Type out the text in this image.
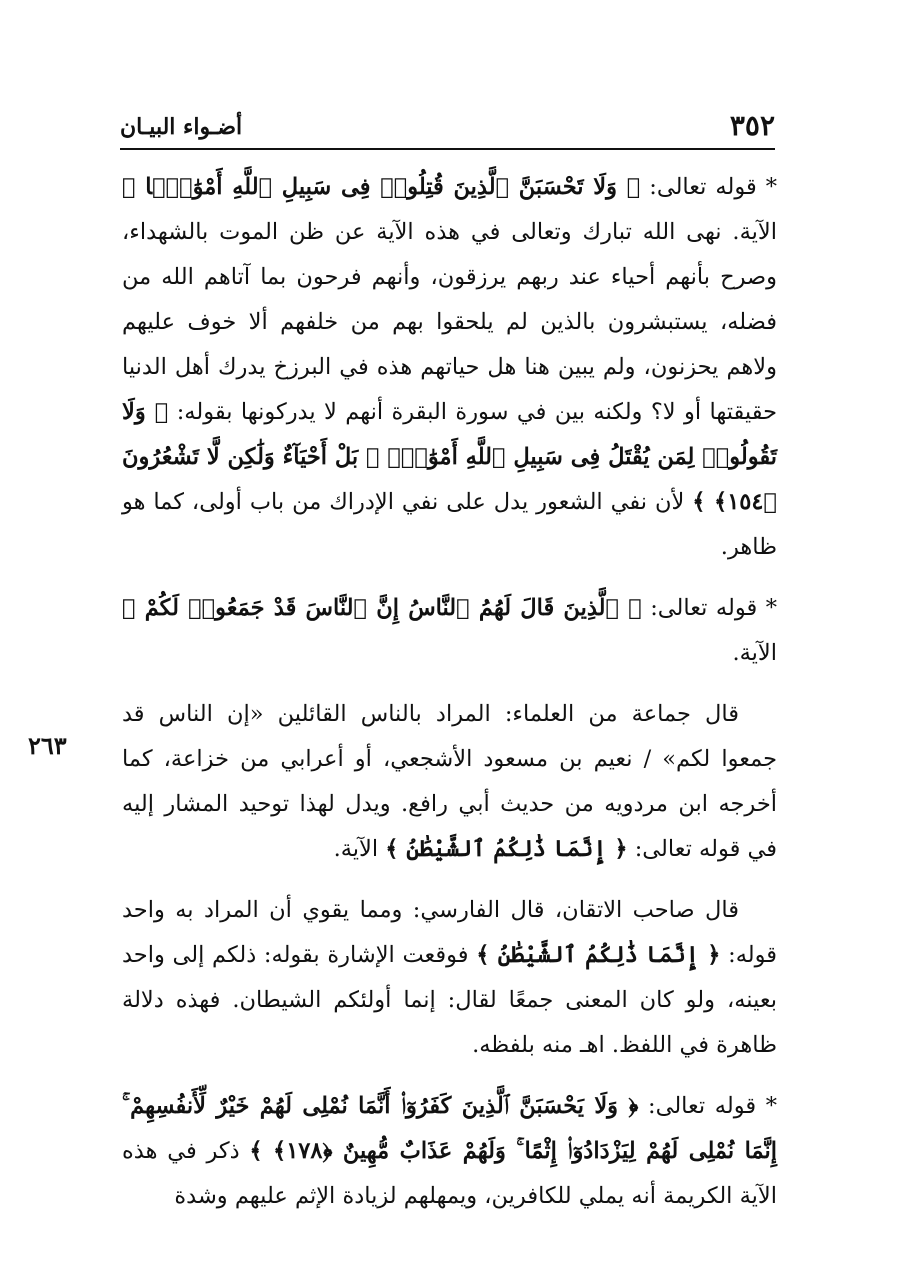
أضـواء البيـان	٣٥٢
٢٦٣

* قوله تعالى: ﴿ وَلَا تَحْسَبَنَّ ٱلَّذِينَ قُتِلُوا۟ فِى سَبِيلِ ٱللَّهِ أَمْوَٰتًۢا ﴾ الآية. نهى الله تبارك وتعالى في هذه الآية عن ظن الموت بالشهداء، وصرح بأنهم أحياء عند ربهم يرزقون، وأنهم فرحون بما آتاهم الله من فضله، يستبشرون بالذين لم يلحقوا بهم من خلفهم ألا خوف عليهم ولاهم يحزنون، ولم يبين هنا هل حياتهم هذه في البرزخ يدرك أهل الدنيا حقيقتها أو لا؟ ولكنه بين في سورة البقرة أنهم لا يدركونها بقوله: ﴿ وَلَا تَقُولُوا۟ لِمَن يُقْتَلُ فِى سَبِيلِ ٱللَّهِ أَمْوَٰتٌۢ ۚ بَلْ أَحْيَآءٌ وَلَٰكِن لَّا تَشْعُرُونَ ﴿١٥٤﴾ ﴾ لأن نفي الشعور يدل على نفي الإدراك من باب أولى، كما هو ظاهر.

* قوله تعالى: ﴿ ٱلَّذِينَ قَالَ لَهُمُ ٱلنَّاسُ إِنَّ ٱلنَّاسَ قَدْ جَمَعُوا۟ لَكُمْ ﴾ الآية.

قال جماعة من العلماء: المراد بالناس القائلين «إن الناس قد جمعوا لكم» / نعيم بن مسعود الأشجعي، أو أعرابي من خزاعة، كما أخرجه ابن مردويه من حديث أبي رافع. ويدل لهذا توحيد المشار إليه في قوله تعالى: ﴿ إِنَّمَا ذَٰلِكُمُ ٱلشَّيْطَٰنُ ﴾ الآية.

قال صاحب الاتقان، قال الفارسي: ومما يقوي أن المراد به واحد قوله: ﴿ إِنَّمَا ذَٰلِكُمُ ٱلشَّيْطَٰنُ ﴾ فوقعت الإشارة بقوله: ذلكم إلى واحد بعينه، ولو كان المعنى جمعًا لقال: إنما أولئكم الشيطان. فهذه دلالة ظاهرة في اللفظ. اهـ منه بلفظه.

* قوله تعالى: ﴿ وَلَا يَحْسَبَنَّ ٱلَّذِينَ كَفَرُوٓا۟ أَنَّمَا نُمْلِى لَهُمْ خَيْرٌ لِّأَنفُسِهِمْ ۚ إِنَّمَا نُمْلِى لَهُمْ لِيَزْدَادُوٓا۟ إِثْمًا ۚ وَلَهُمْ عَذَابٌ مُّهِينٌ ﴿١٧٨﴾ ﴾ ذكر في هذه الآية الكريمة أنه يملي للكافرين، ويمهلهم لزيادة الإثم عليهم وشدة
